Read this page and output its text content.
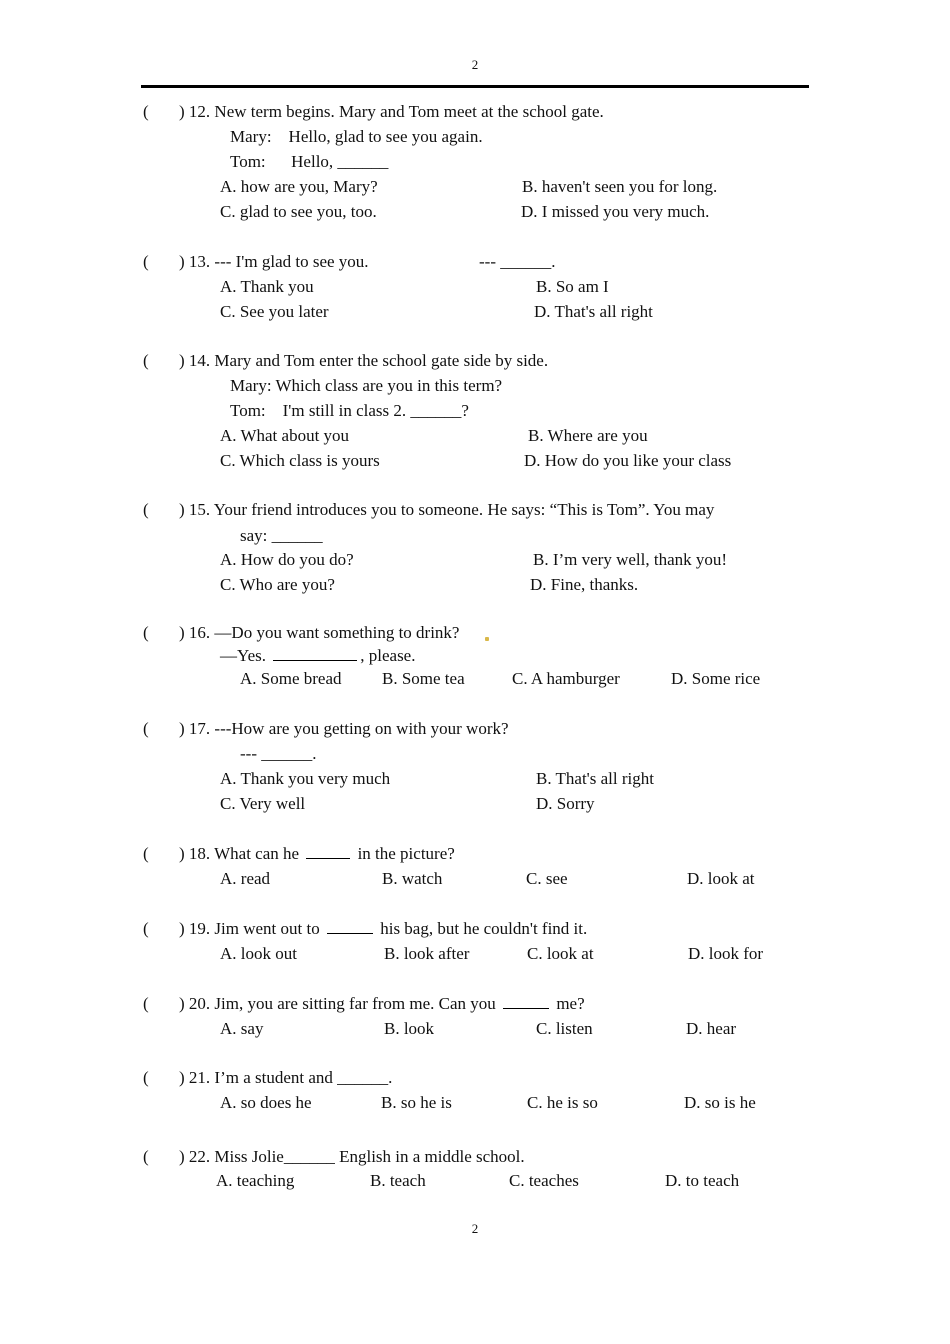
2
( ) 12. New term begins. Mary and Tom meet at the school gate.
Mary:    Hello, glad to see you again.
Tom:      Hello, ______
A. how are you, Mary?	B. haven't seen you for long.
C. glad to see you, too.	D. I missed you very much.
( ) 13. --- I'm glad to see you.	--- ______.
A. Thank you	B. So am I
C. See you later	D. That's all right
( ) 14. Mary and Tom enter the school gate side by side.
Mary: Which class are you in this term?
Tom:    I'm still in class 2. ______?
A. What about you	B. Where are you
C. Which class is yours	D. How do you like your class
( ) 15. Your friend introduces you to someone. He says: “This is Tom”. You may
say: ______
A. How do you do?	B. I’m very well, thank you!
C. Who are you?	D. Fine, thanks.
( ) 16. —Do you want something to drink?
—Yes.	, please.
A. Some bread B. Some tea	C. A hamburger	D. Some rice
( ) 17. ---How are you getting on with your work?
--- ______.
A. Thank you very much	B. That's all right
C. Very well	D. Sorry
( ) 18. What can he	in the picture?
A. read	B. watch	C. see	D. look at
( ) 19. Jim went out to	his bag, but he couldn't find it.
A. look out	B. look after	C. look at	D. look for
( ) 20. Jim, you are sitting far from me. Can you	me?
A. say	B. look	C. listen	D. hear
( ) 21. I’m a student and ______.
A. so does he	B. so he is	C. he is so	D. so is he
( ) 22. Miss Jolie______ English in a middle school.
A. teaching	B. teach	C. teaches	D. to teach
2
